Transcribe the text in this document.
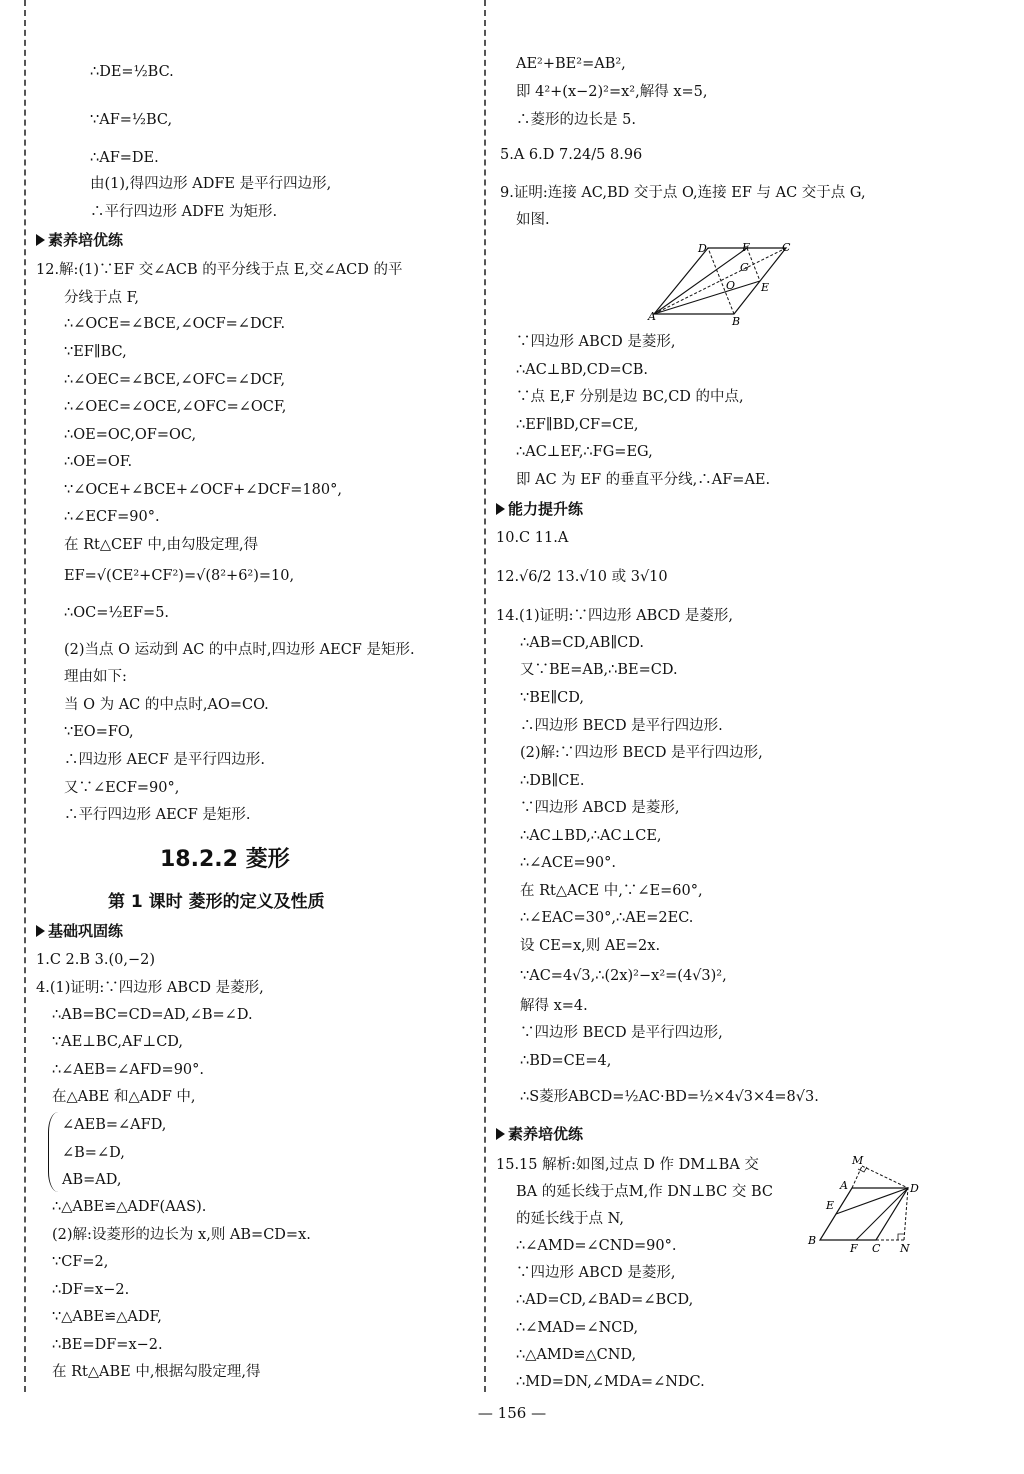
∴DE=½BC.
∵AF=½BC,
∴AF=DE.
由(1),得四边形 ADFE 是平行四边形,
∴平行四边形 ADFE 为矩形.
素养培优练
12.解:(1)∵EF 交∠ACB 的平分线于点 E,交∠ACD 的平
分线于点 F,
∴∠OCE=∠BCE,∠OCF=∠DCF.
∵EF∥BC,
∴∠OEC=∠BCE,∠OFC=∠DCF,
∴∠OEC=∠OCE,∠OFC=∠OCF,
∴OE=OC,OF=OC,
∴OE=OF.
∵∠OCE+∠BCE+∠OCF+∠DCF=180°,
∴∠ECF=90°.
在 Rt△CEF 中,由勾股定理,得
EF=√(CE²+CF²)=√(8²+6²)=10,
∴OC=½EF=5.
(2)当点 O 运动到 AC 的中点时,四边形 AECF 是矩形.
理由如下:
当 O 为 AC 的中点时,AO=CO.
∵EO=FO,
∴四边形 AECF 是平行四边形.
又∵∠ECF=90°,
∴平行四边形 AECF 是矩形.
基础巩固练
1.C 2.B 3.(0,−2)
4.(1)证明:∵四边形 ABCD 是菱形,
∴AB=BC=CD=AD,∠B=∠D.
∵AE⊥BC,AF⊥CD,
∴∠AEB=∠AFD=90°.
在△ABE 和△ADF 中,
∠AEB=∠AFD,
∠B=∠D,
AB=AD,
∴△ABE≌△ADF(AAS).
(2)解:设菱形的边长为 x,则 AB=CD=x.
∵CF=2,
∴DF=x−2.
∵△ABE≌△ADF,
∴BE=DF=x−2.
在 Rt△ABE 中,根据勾股定理,得
18.2.2 菱形
第 1 课时 菱形的定义及性质
AE²+BE²=AB²,
即 4²+(x−2)²=x²,解得 x=5,
∴菱形的边长是 5.
5.A 6.D 7.24/5 8.96
9.证明:连接 AC,BD 交于点 O,连接 EF 与 AC 交于点 G,
如图.
∵四边形 ABCD 是菱形,
∴AC⊥BD,CD=CB.
∵点 E,F 分别是边 BC,CD 的中点,
∴EF∥BD,CF=CE,
∴AC⊥EF,∴FG=EG,
即 AC 为 EF 的垂直平分线,∴AF=AE.
能力提升练
10.C 11.A
12.√6/2 13.√10 或 3√10
14.(1)证明:∵四边形 ABCD 是菱形,
∴AB=CD,AB∥CD.
又∵BE=AB,∴BE=CD.
∵BE∥CD,
∴四边形 BECD 是平行四边形.
(2)解:∵四边形 BECD 是平行四边形,
∴DB∥CE.
∵四边形 ABCD 是菱形,
∴AC⊥BD,∴AC⊥CE,
∴∠ACE=90°.
在 Rt△ACE 中,∵∠E=60°,
∴∠EAC=30°,∴AE=2EC.
设 CE=x,则 AE=2x.
∵AC=4√3,∴(2x)²−x²=(4√3)²,
解得 x=4.
∵四边形 BECD 是平行四边形,
∴BD=CE=4,
∴S菱形ABCD=½AC·BD=½×4√3×4=8√3.
素养培优练
15.15 解析:如图,过点 D 作 DM⊥BA 交
BA 的延长线于点M,作 DN⊥BC 交 BC
的延长线于点 N,
∴∠AMD=∠CND=90°.
∵四边形 ABCD 是菱形,
∴AD=CD,∠BAD=∠BCD,
∴∠MAD=∠NCD,
∴△AMD≌△CND,
∴MD=DN,∠MDA=∠NDC.
D	F	C
G
O E
A	B
M
A	D
E
B
F C N
— 156 —
